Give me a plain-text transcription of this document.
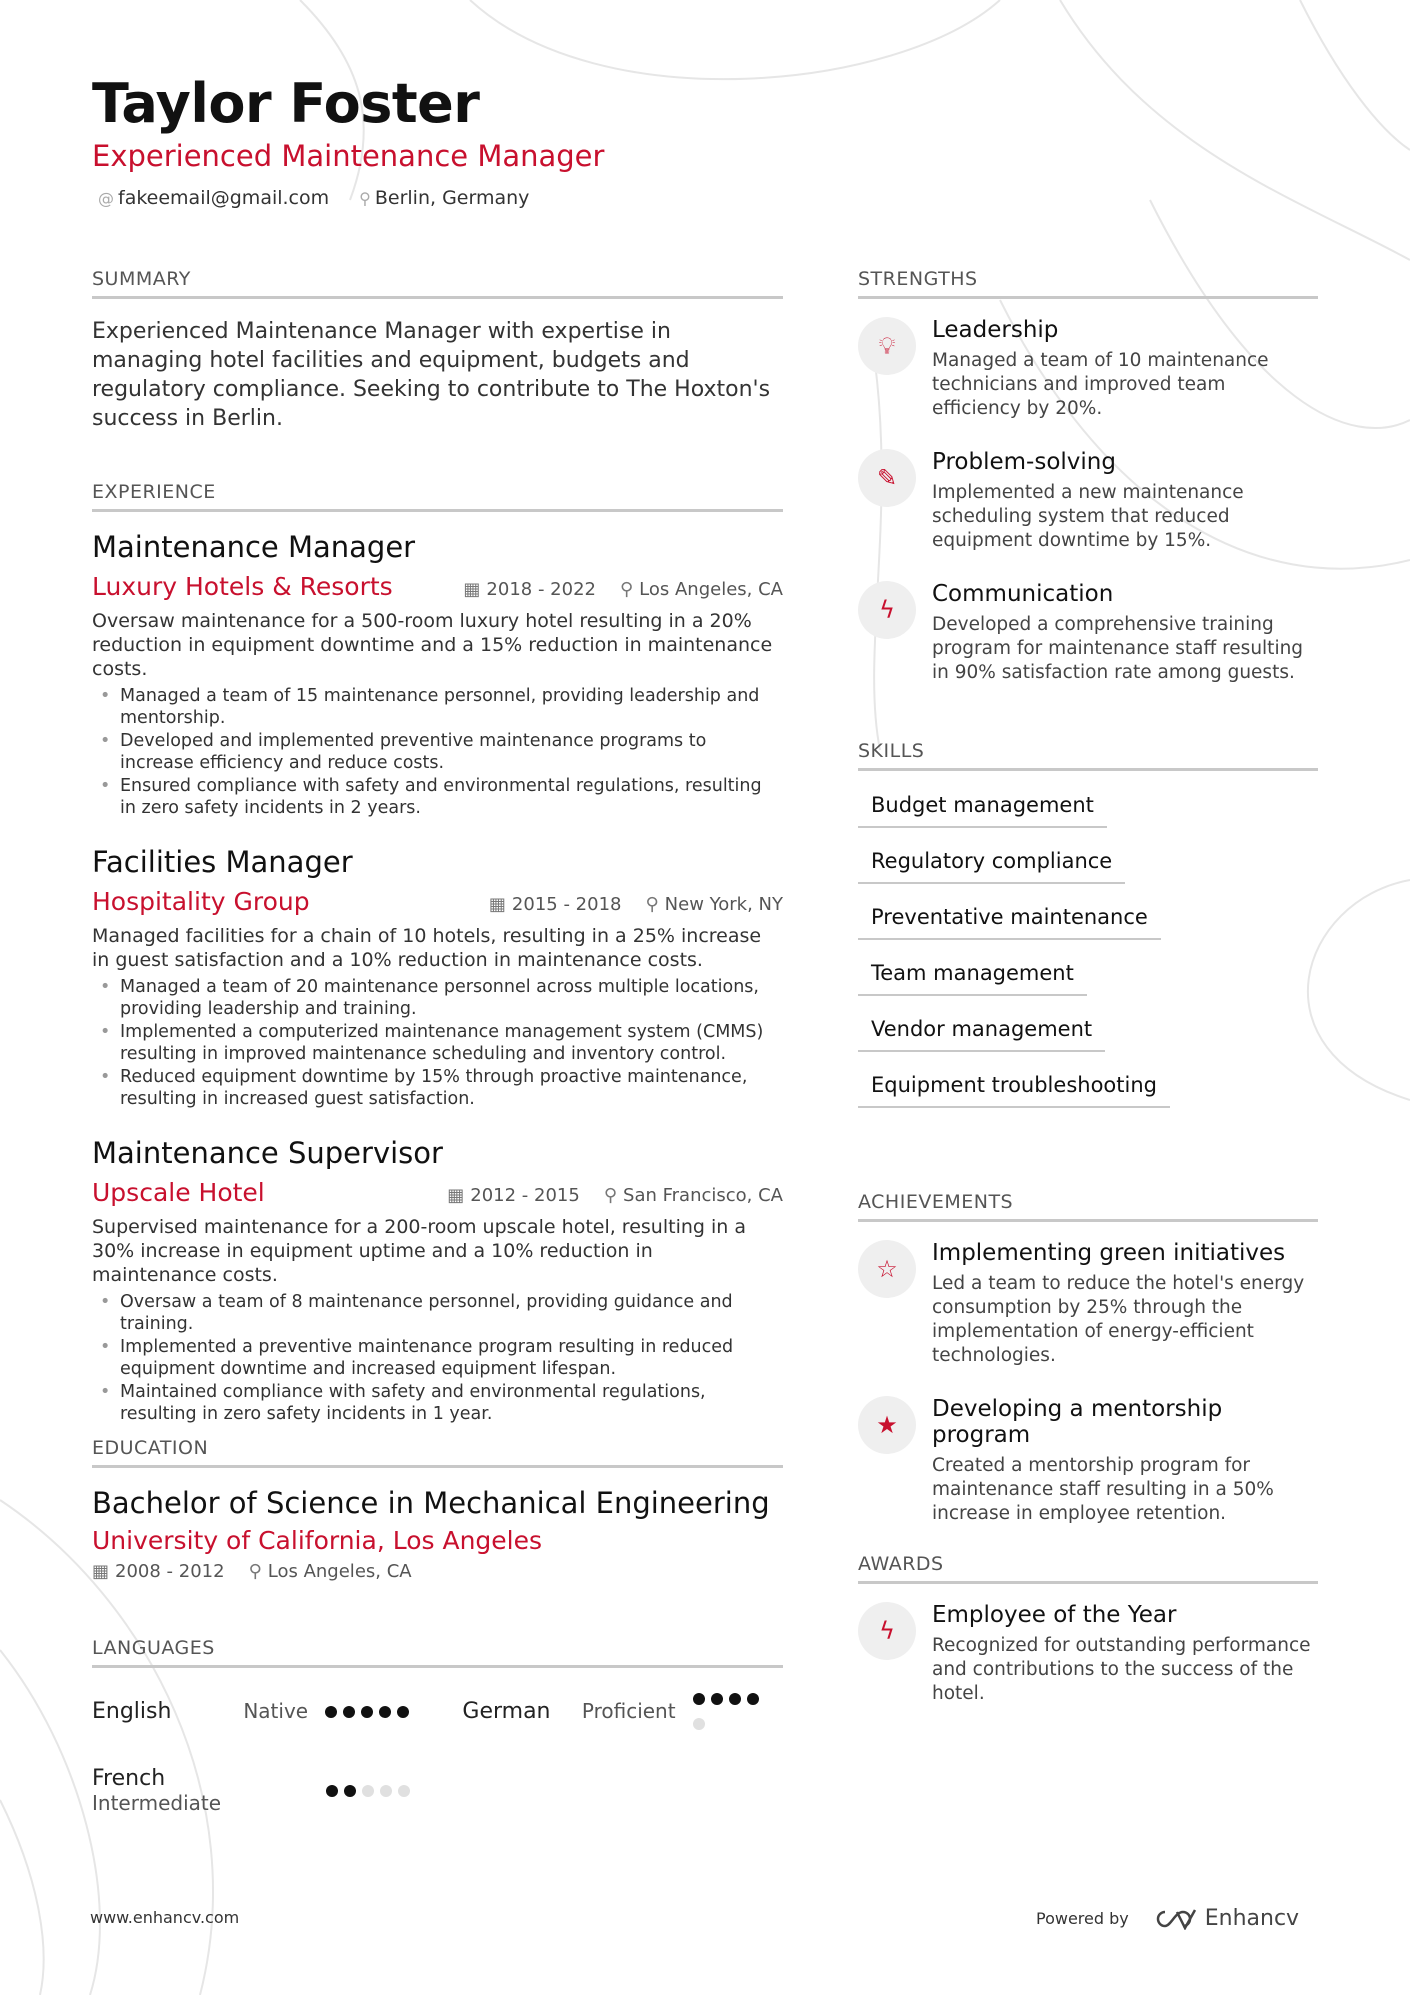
Taylor Foster
Experienced Maintenance Manager
@ fakeemail@gmail.com ⚲ Berlin, Germany
SUMMARY
Experienced Maintenance Manager with expertise in managing hotel facilities and equipment, budgets and regulatory compliance. Seeking to contribute to The Hoxton's success in Berlin.
EXPERIENCE
Maintenance Manager
Luxury Hotels & Resorts	▦ 2018 - 2022 ⚲ Los Angeles, CA
Oversaw maintenance for a 500-room luxury hotel resulting in a 20% reduction in equipment downtime and a 15% reduction in maintenance costs.
• Managed a team of 15 maintenance personnel, providing leadership and mentorship.
• Developed and implemented preventive maintenance programs to increase efficiency and reduce costs.
• Ensured compliance with safety and environmental regulations, resulting in zero safety incidents in 2 years.
Facilities Manager
Hospitality Group	▦ 2015 - 2018 ⚲ New York, NY
Managed facilities for a chain of 10 hotels, resulting in a 25% increase in guest satisfaction and a 10% reduction in maintenance costs.
• Managed a team of 20 maintenance personnel across multiple locations, providing leadership and training.
• Implemented a computerized maintenance management system (CMMS) resulting in improved maintenance scheduling and inventory control.
• Reduced equipment downtime by 15% through proactive maintenance, resulting in increased guest satisfaction.
Maintenance Supervisor
Upscale Hotel	▦ 2012 - 2015 ⚲ San Francisco, CA
Supervised maintenance for a 200-room upscale hotel, resulting in a 30% increase in equipment uptime and a 10% reduction in maintenance costs.
• Oversaw a team of 8 maintenance personnel, providing guidance and training.
• Implemented a preventive maintenance program resulting in reduced equipment downtime and increased equipment lifespan.
• Maintained compliance with safety and environmental regulations, resulting in zero safety incidents in 1 year.
EDUCATION
Bachelor of Science in Mechanical Engineering
University of California, Los Angeles
▦ 2008 - 2012 ⚲ Los Angeles, CA
LANGUAGES
English	Native	German	Proficient
French
Intermediate
STRENGTHS
💡︎
Leadership
Managed a team of 10 maintenance technicians and improved team efficiency by 20%.
✎
Problem-solving
Implemented a new maintenance scheduling system that reduced equipment downtime by 15%.
ϟ
Communication
Developed a comprehensive training program for maintenance staff resulting in 90% satisfaction rate among guests.
SKILLS
Budget management
Regulatory compliance
Preventative maintenance
Team management
Vendor management
Equipment troubleshooting
ACHIEVEMENTS
☆
Implementing green initiatives
Led a team to reduce the hotel's energy consumption by 25% through the implementation of energy-efficient technologies.
★
Developing a mentorship program
Created a mentorship program for maintenance staff resulting in a 50% increase in employee retention.
AWARDS
ϟ
Employee of the Year
Recognized for outstanding performance and contributions to the success of the hotel.
www.enhancv.com	Powered by	Enhancv
